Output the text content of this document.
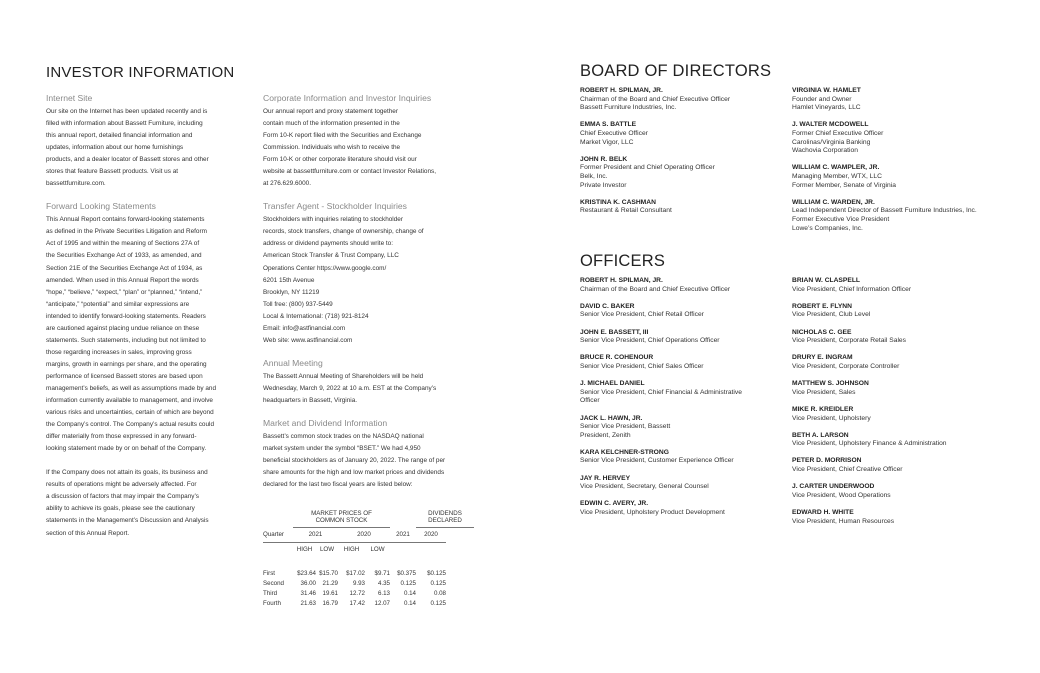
INVESTOR INFORMATION
Internet Site

Our site on the Internet has been updated recently and is
filled with information about Bassett Furniture, including
this annual report, detailed financial information and
updates, information about our home furnishings
products, and a dealer locator of Bassett stores and other
stores that feature Bassett products. Visit us at
bassettfurniture.com.

Forward Looking Statements

This Annual Report contains forward-looking statements
as defined in the Private Securities Litigation and Reform
Act of 1995 and within the meaning of Sections 27A of
the Securities Exchange Act of 1933, as amended, and
Section 21E of the Securities Exchange Act of 1934, as
amended. When used in this Annual Report the words
“hope,” “believe,” “expect,” “plan” or “planned,” “intend,”
“anticipate,” “potential” and similar expressions are
intended to identify forward-looking statements. Readers
are cautioned against placing undue reliance on these
statements. Such statements, including but not limited to
those regarding increases in sales, improving gross
margins, growth in earnings per share, and the operating
performance of licensed Bassett stores are based upon
management’s beliefs, as well as assumptions made by and
information currently available to management, and involve
various risks and uncertainties, certain of which are beyond
the Company’s control. The Company’s actual results could
differ materially from those expressed in any forward-
looking statement made by or on behalf of the Company.

If the Company does not attain its goals, its business and
results of operations might be adversely affected. For
a discussion of factors that may impair the Company’s
ability to achieve its goals, please see the cautionary
statements in the Management’s Discussion and Analysis
section of this Annual Report.

Corporate Information and Investor Inquiries

Our annual report and proxy statement together
contain much of the information presented in the
Form 10-K report filed with the Securities and Exchange
Commission. Individuals who wish to receive the
Form 10-K or other corporate literature should visit our
website at bassettfurniture.com or contact Investor Relations,
at 276.629.6000.

Transfer Agent - Stockholder Inquiries

Stockholders with inquiries relating to stockholder
records, stock transfers, change of ownership, change of
address or dividend payments should write to:
American Stock Transfer & Trust Company, LLC
Operations Center https://www.google.com/
6201 15th Avenue
Brooklyn, NY 11219
Toll free: (800) 937-5449
Local & International: (718) 921-8124
Email: info@astfinancial.com
Web site: www.astfinancial.com

Annual Meeting

The Bassett Annual Meeting of Shareholders will be held
Wednesday, March 9, 2022 at 10 a.m. EST at the Company’s
headquarters in Bassett, Virginia.

Market and Dividend Information

Bassett’s common stock trades on the NASDAQ national
market system under the symbol “BSET.” We had 4,950
beneficial stockholders as of January 20, 2022. The range of per
share amounts for the high and low market prices and dividends
declared for the last two fiscal years are listed below:

	MARKET PRICES OF
COMMON STOCK					DIVIDENDS
DECLARED	
Quarter	2021		2020		2021	2020	
	HIGH	LOW	HIGH	LOW			

First	$23.64	$15.70	$17.02	$9.71	$0.375	$0.125	
Second	36.00	21.29	9.93	4.35	0.125	0.125	
Third	31.46	19.61	12.72	6.13	0.14	0.08	
Fourth	21.63	16.79	17.42	12.07	0.14	0.125	
BOARD OF DIRECTORS
ROBERT H. SPILMAN, JR.
Chairman of the Board and Chief Executive Officer
Bassett Furniture Industries, Inc.
EMMA S. BATTLE
Chief Executive Officer
Market Vigor, LLC
JOHN R. BELK
Former President and Chief Operating Officer
Belk, Inc.
Private Investor
KRISTINA K. CASHMAN
Restaurant & Retail Consultant
VIRGINIA W. HAMLET
Founder and Owner
Hamlet Vineyards, LLC
J. WALTER MCDOWELL
Former Chief Executive Officer
Carolinas/Virginia Banking
Wachovia Corporation
WILLIAM C. WAMPLER, JR.
Managing Member, WTX, LLC
Former Member, Senate of Virginia
WILLIAM C. WARDEN, JR.
Lead Independent Director of Bassett Furniture Industries, Inc.
Former Executive Vice President
Lowe’s Companies, Inc.
OFFICERS
ROBERT H. SPILMAN, JR.
Chairman of the Board and Chief Executive Officer
DAVID C. BAKER
Senior Vice President, Chief Retail Officer
JOHN E. BASSETT, III
Senior Vice President, Chief Operations Officer
BRUCE R. COHENOUR
Senior Vice President, Chief Sales Officer
J. MICHAEL DANIEL
Senior Vice President, Chief Financial & Administrative
Officer
JACK L. HAWN, JR.
Senior Vice President, Bassett
President, Zenith
KARA KELCHNER-STRONG
Senior Vice President, Customer Experience Officer
JAY R. HERVEY
Vice President, Secretary, General Counsel
EDWIN C. AVERY, JR.
Vice President, Upholstery Product Development
BRIAN W. CLASPELL
Vice President, Chief Information Officer
ROBERT E. FLYNN
Vice President, Club Level
NICHOLAS C. GEE
Vice President, Corporate Retail Sales
DRURY E. INGRAM
Vice President, Corporate Controller
MATTHEW S. JOHNSON
Vice President, Sales
MIKE R. KREIDLER
Vice President, Upholstery
BETH A. LARSON
Vice President, Upholstery Finance & Administration
PETER D. MORRISON
Vice President, Chief Creative Officer
J. CARTER UNDERWOOD
Vice President, Wood Operations
EDWARD H. WHITE
Vice President, Human Resources
